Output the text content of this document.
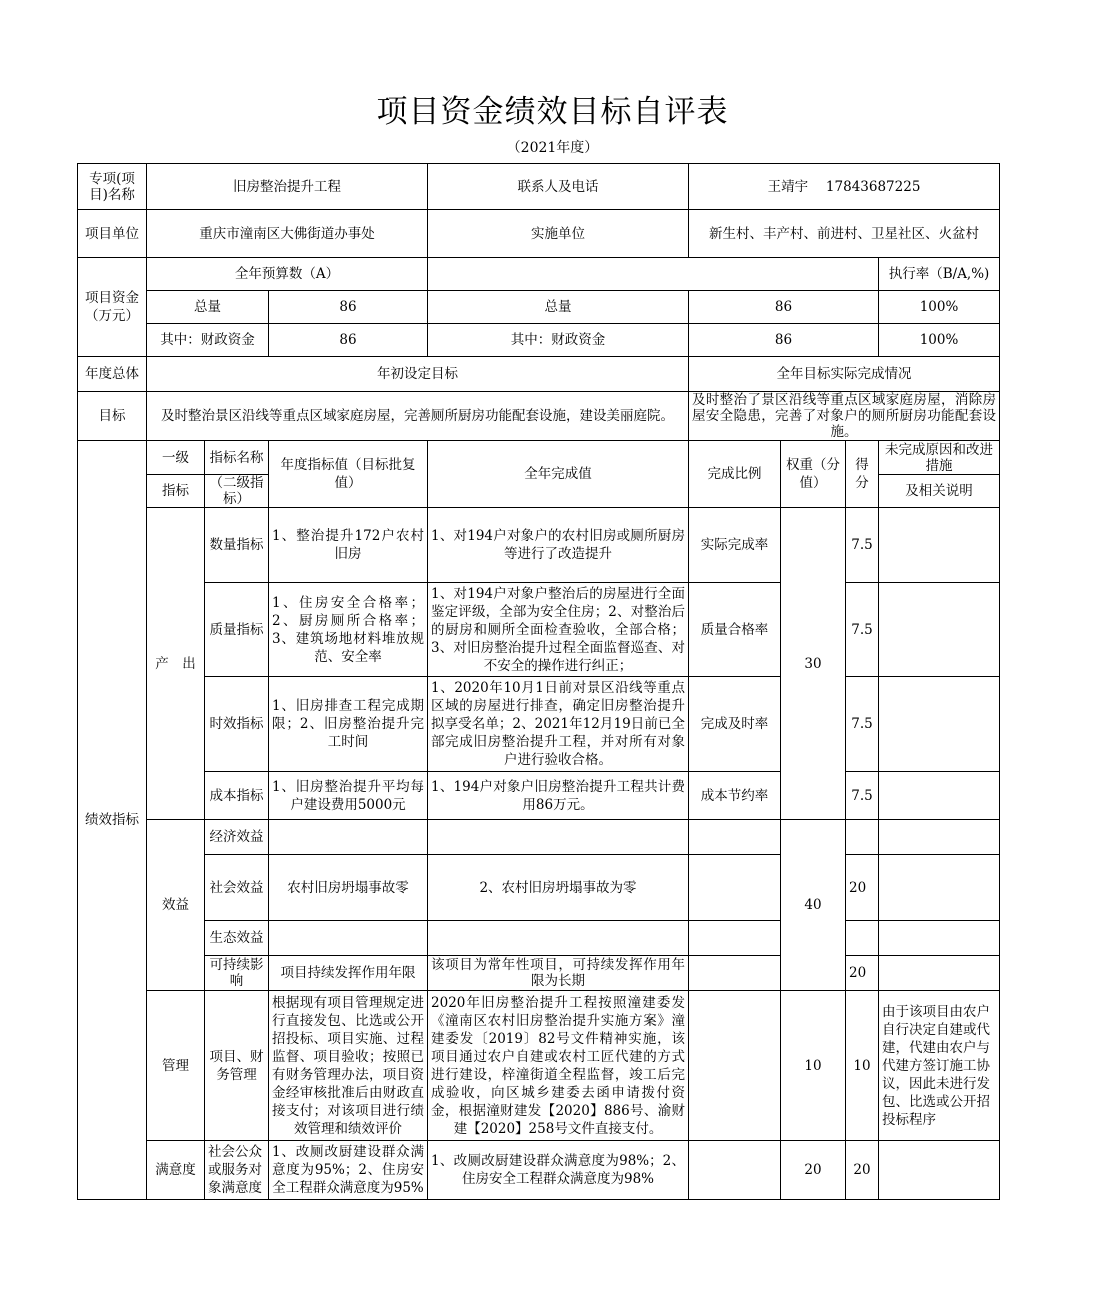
项目资金绩效目标自评表
（2021年度）
专项(项目)名称	旧房整治提升工程			联系人及电话	王靖宇　 17843687225			
项目单位	重庆市潼南区大佛街道办事处			实施单位	新生村、丰产村、前进村、卫星社区、火盆村			
项目资金（万元）	全年预算数（A）							执行率（B/A,%)
	总量		86	总量	86			100%
	其中：财政资金		86	其中：财政资金	86			100%
年度总体	年初设定目标				全年目标实际完成情况			
目标	及时整治景区沿线等重点区域家庭房屋，完善厕所厨房功能配套设施，建设美丽庭院。				及时整治了景区沿线等重点区域家庭房屋，消除房屋安全隐患，完善了对象户的厕所厨房功能配套设施。			
绩效指标	一级	指标名称	年度指标值（目标批复值）	全年完成值	完成比例	权重（分值）	得分	未完成原因和改进措施
	指标	（二级指标）						及相关说明
	产　出	数量指标	1、整治提升172户农村旧房	1、对194户对象户的农村旧房或厕所厨房等进行了改造提升	实际完成率	30	7.5	
		质量指标	1、住房安全合格率；2、厨房厕所合格率；3、建筑场地材料堆放规范、安全率	1、对194户对象户整治后的房屋进行全面鉴定评级，全部为安全住房；2、对整治后的厨房和厕所全面检查验收，全部合格；3、对旧房整治提升过程全面监督巡查、对不安全的操作进行纠正；	质量合格率		7.5	
		时效指标	1、旧房排查工程完成期限；2、旧房整治提升完工时间	1、2020年10月1日前对景区沿线等重点区域的房屋进行排查，确定旧房整治提升拟享受名单；2、2021年12月19日前已全部完成旧房整治提升工程，并对所有对象户进行验收合格。	完成及时率		7.5	
		成本指标	1、旧房整治提升平均每户建设费用5000元	1、194户对象户旧房整治提升工程共计费用86万元。	成本节约率		7.5	
	效益	经济效益				40		
		社会效益	农村旧房坍塌事故零	2、农村旧房坍塌事故为零			20	
		生态效益						
		可持续影响	项目持续发挥作用年限	该项目为常年性项目，可持续发挥作用年限为长期			20	
	管理	项目、财务管理	根据现有项目管理规定进行直接发包、比选或公开招投标、项目实施、过程监督、项目验收；按照已有财务管理办法，项目资金经审核批准后由财政直接支付；对该项目进行绩效管理和绩效评价	2020年旧房整治提升工程按照潼建委发《潼南区农村旧房整治提升实施方案》潼建委发〔2019〕82号文件精神实施，该项目通过农户自建或农村工匠代建的方式进行建设，梓潼街道全程监督，竣工后完成验收，向区城乡建委去函申请拨付资金，根据潼财建发【2020】886号、渝财建【2020】258号文件直接支付。		10	10	由于该项目由农户自行决定自建或代建，代建由农户与代建方签订施工协议，因此未进行发包、比选或公开招投标程序
	满意度	社会公众或服务对象满意度	1、改厕改厨建设群众满意度为95%；2、住房安全工程群众满意度为95%	1、改厕改厨建设群众满意度为98%；2、住房安全工程群众满意度为98%		20	20	
